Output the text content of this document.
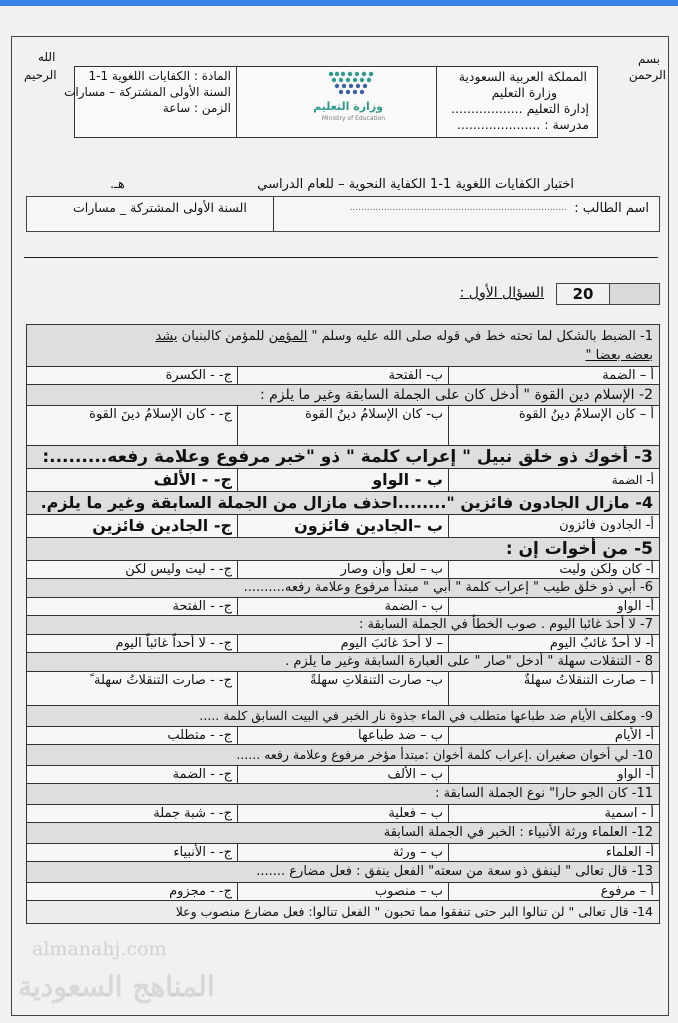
بسم
الرحمن
الله
الرحيم	المملكة العربية السعودية
وزارة التعليم
إدارة التعليم ..................
مدرسة : .....................
وزارة التعليم
Ministry of Education
المادة : الكفايات اللغوية 1-1
السنة الأولى المشتركة – مسارات
الزمن : ساعة
اختبار الكفايات اللغوية 1-1 الكفاية النحوية – للعام الدراسي
هـ.
اسم الطالب :
............................................................................
السنة الأولى المشتركة _ مسارات
السؤال الأول :	20
1- الضبط بالشكل لما تحته خط في قوله صلى الله عليه وسلم " المؤمن للمؤمن كالبنيان يشد
بعضه بعضا "
أ – الضمة
ب- الفتحة
ج- - الكسرة
2- الإسلام دين القوة " أدخل كان على الجملة السابقة وغير ما يلزم :
أ – كان الإسلامُ دينُ القوة
ب- كان الإسلامُ دينُ القوة
ج- - كان الإسلامُ دينَ القوة
3- أخوك ذو خلق نبيل " إعراب كلمة " ذو "خبر مرفوع وعلامة رفعه.........:
أ- الضمة
ب - الواو
ج- - الألف
4- مازال الجادون فائزين "........احذف مازال من الجملة السابقة وغير ما يلزم.
أ- الجادون فائزون
ب –الجادين فائزون
ج- الجادين فائزين
5- من أخوات إن :
أ- كان ولكن وليت
ب – لعل وأن وصار
ج- - ليت وليس لكن
6- أبي ذو خلق طيب " إعراب كلمة " أبي " مبتدأ مرفوع وعلامة رفعه..........
أ- الواو
ب - الضمة
ج- - الفتحة
7- لا أحدَ غائبا اليوم . صوب الخطأ في الجملة السابقة :
أ- لا أحدٌ غائبٌ اليوم
– لا أحدَ غائبَ اليوم
ج- - لا أحداً غائباً اليوم
8 - التنقلات سهلة " أدخل "صار " على العبارة السابقة وغير ما يلزم .
أ – صارت التنقلاتُ سهلةٌ
ب- صارت التنقلاتِ سهلةً
ج- - صارت التنقلاتُ سهلة ً
9- ومكلف الأيام ضد طباعها متطلب في الماء جذوة نار الخبر في البيت السابق كلمة .....
أ- الأيام
ب – ضد طباعها
ج- - متطلب
10- لي أخوان صغيران .إعراب كلمة أخوان :مبتدأ مؤخر مرفوع وعلامة رفعه ......
أ- الواو
ب – الألف
ج- - الضمة
11- كان الجو حارا" نوع الجملة السابقة :
أ - اسمية
ب – فعلية
ج- - شبة جملة
12- العلماء ورثة الأنبياء : الخبر في الجملة السابقة
أ- العلماء
ب – ورثة
ج- - الأنبياء
13- قال تعالى " لينفق ذو سعة من سعته" الفعل ينفق : فعل مضارع .......
أ – مرفوع
ب – منصوب
ج- - مجزوم
14- قال تعالى " لن تنالوا البر حتى تنفقوا مما تحبون " الفعل تنالوا: فعل مضارع منصوب وعلا
almanahj.com
المناهج السعودية
